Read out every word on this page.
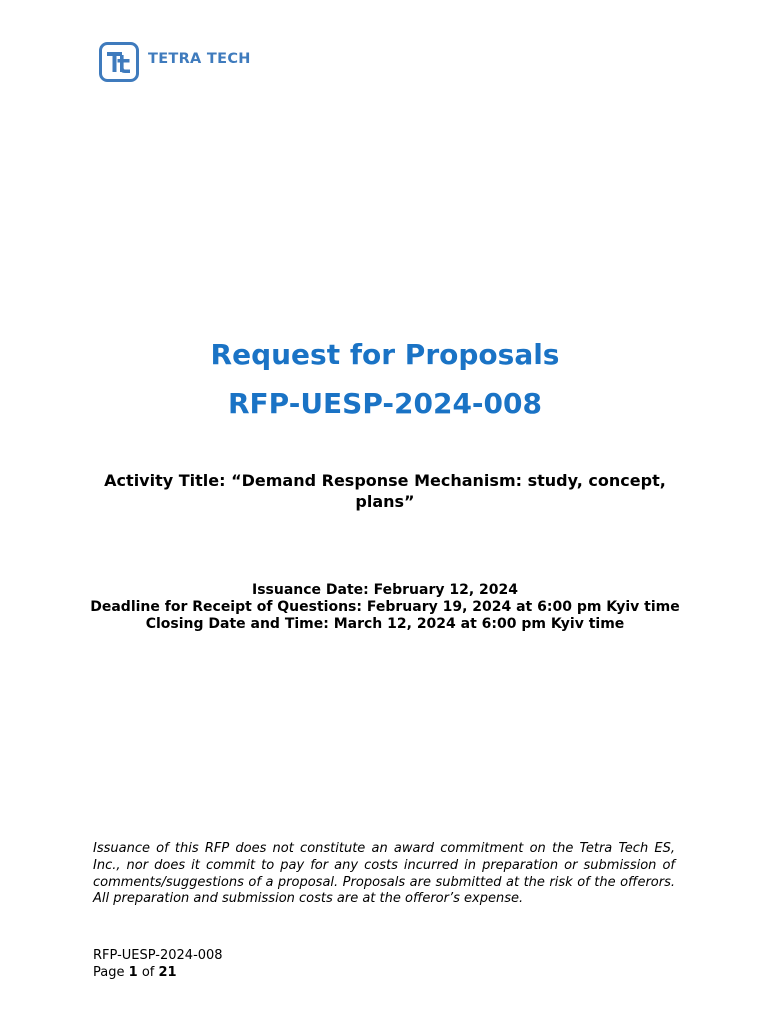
TETRA TECH
Request for Proposals
RFP-UESP-2024-008
Activity Title: “Demand Response Mechanism: study, concept, plans”
Issuance Date: February 12, 2024
Deadline for Receipt of Questions: February 19, 2024 at 6:00 pm Kyiv time
Closing Date and Time: March 12, 2024 at 6:00 pm Kyiv time
Issuance of this RFP does not constitute an award commitment on the Tetra Tech ES, Inc., nor does it commit to pay for any costs incurred in preparation or submission of comments/suggestions of a proposal. Proposals are submitted at the risk of the offerors. All preparation and submission costs are at the offeror’s expense.
RFP-UESP-2024-008
Page 1 of 21
